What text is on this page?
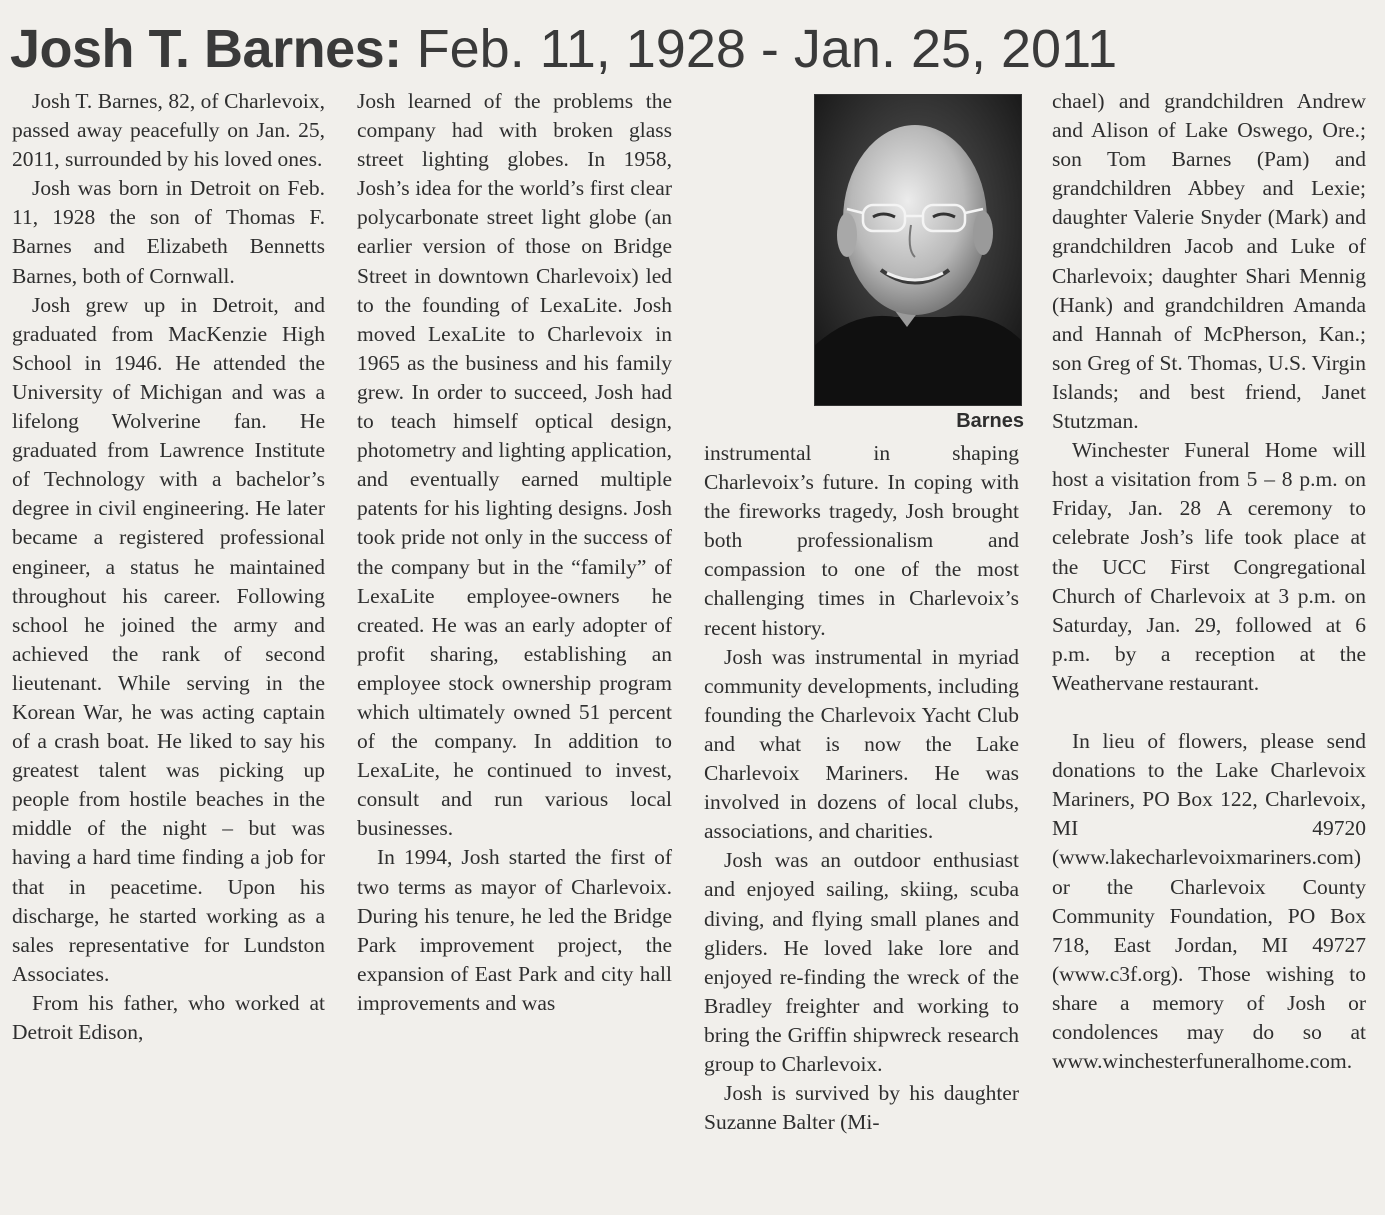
Josh T. Barnes: Feb. 11, 1928 - Jan. 25, 2011

Josh T. Barnes, 82, of Charlevoix, passed away peacefully on Jan. 25, 2011, surrounded by his loved ones.

Josh was born in Detroit on Feb. 11, 1928 the son of Thomas F. Barnes and Elizabeth Bennetts Barnes, both of Cornwall.

Josh grew up in Detroit, and graduated from MacKenzie High School in 1946. He attended the University of Michigan and was a lifelong Wolverine fan. He graduated from Lawrence Institute of Technology with a bachelor’s degree in civil engineering. He later became a registered professional engineer, a status he maintained throughout his career. Following school he joined the army and achieved the rank of second lieutenant. While serving in the Korean War, he was acting captain of a crash boat. He liked to say his greatest talent was picking up people from hostile beaches in the middle of the night – but was having a hard time finding a job for that in peacetime. Upon his discharge, he started working as a sales representative for Lundston Associates.

From his father, who worked at Detroit Edison,

Josh learned of the problems the company had with broken glass street lighting globes. In 1958, Josh’s idea for the world’s first clear polycarbonate street light globe (an earlier version of those on Bridge Street in downtown Charlevoix) led to the founding of LexaLite. Josh moved LexaLite to Charlevoix in 1965 as the business and his family grew. In order to succeed, Josh had to teach himself optical design, photometry and lighting application, and eventually earned multiple patents for his lighting designs. Josh took pride not only in the success of the company but in the “family” of LexaLite employee-owners he created. He was an early adopter of profit sharing, establishing an employee stock ownership program which ultimately owned 51 percent of the company. In addition to LexaLite, he continued to invest, consult and run various local businesses.

In 1994, Josh started the first of two terms as mayor of Charlevoix. During his tenure, he led the Bridge Park improvement project, the expansion of East Park and city hall improvements and was

Barnes

instrumental in shaping Charlevoix’s future. In coping with the fireworks tragedy, Josh brought both professionalism and compassion to one of the most challenging times in Charlevoix’s recent history.

Josh was instrumental in myriad community developments, including founding the Charlevoix Yacht Club and what is now the Lake Charlevoix Mariners. He was involved in dozens of local clubs, associations, and charities.

Josh was an outdoor enthusiast and enjoyed sailing, skiing, scuba diving, and flying small planes and gliders. He loved lake lore and enjoyed re-finding the wreck of the Bradley freighter and working to bring the Griffin shipwreck research group to Charlevoix.

Josh is survived by his daughter Suzanne Balter (Mi-

chael) and grandchildren Andrew and Alison of Lake Oswego, Ore.; son Tom Barnes (Pam) and grandchildren Abbey and Lexie; daughter Valerie Snyder (Mark) and grandchildren Jacob and Luke of Charlevoix; daughter Shari Mennig (Hank) and grandchildren Amanda and Hannah of McPherson, Kan.; son Greg of St. Thomas, U.S. Virgin Islands; and best friend, Janet Stutzman.

Winchester Funeral Home will host a visitation from 5 – 8 p.m. on Friday, Jan. 28 A ceremony to celebrate Josh’s life took place at the UCC First Congregational Church of Charlevoix at 3 p.m. on Saturday, Jan. 29, followed at 6 p.m. by a reception at the Weathervane restaurant.

In lieu of flowers, please send donations to the Lake Charlevoix Mariners, PO Box 122, Charlevoix, MI 49720 (www.lakecharlevoixmariners.com) or the Charlevoix County Community Foundation, PO Box 718, East Jordan, MI 49727 (www.c3f.org). Those wishing to share a memory of Josh or condolences may do so at www.winchesterfuneralhome.com.
